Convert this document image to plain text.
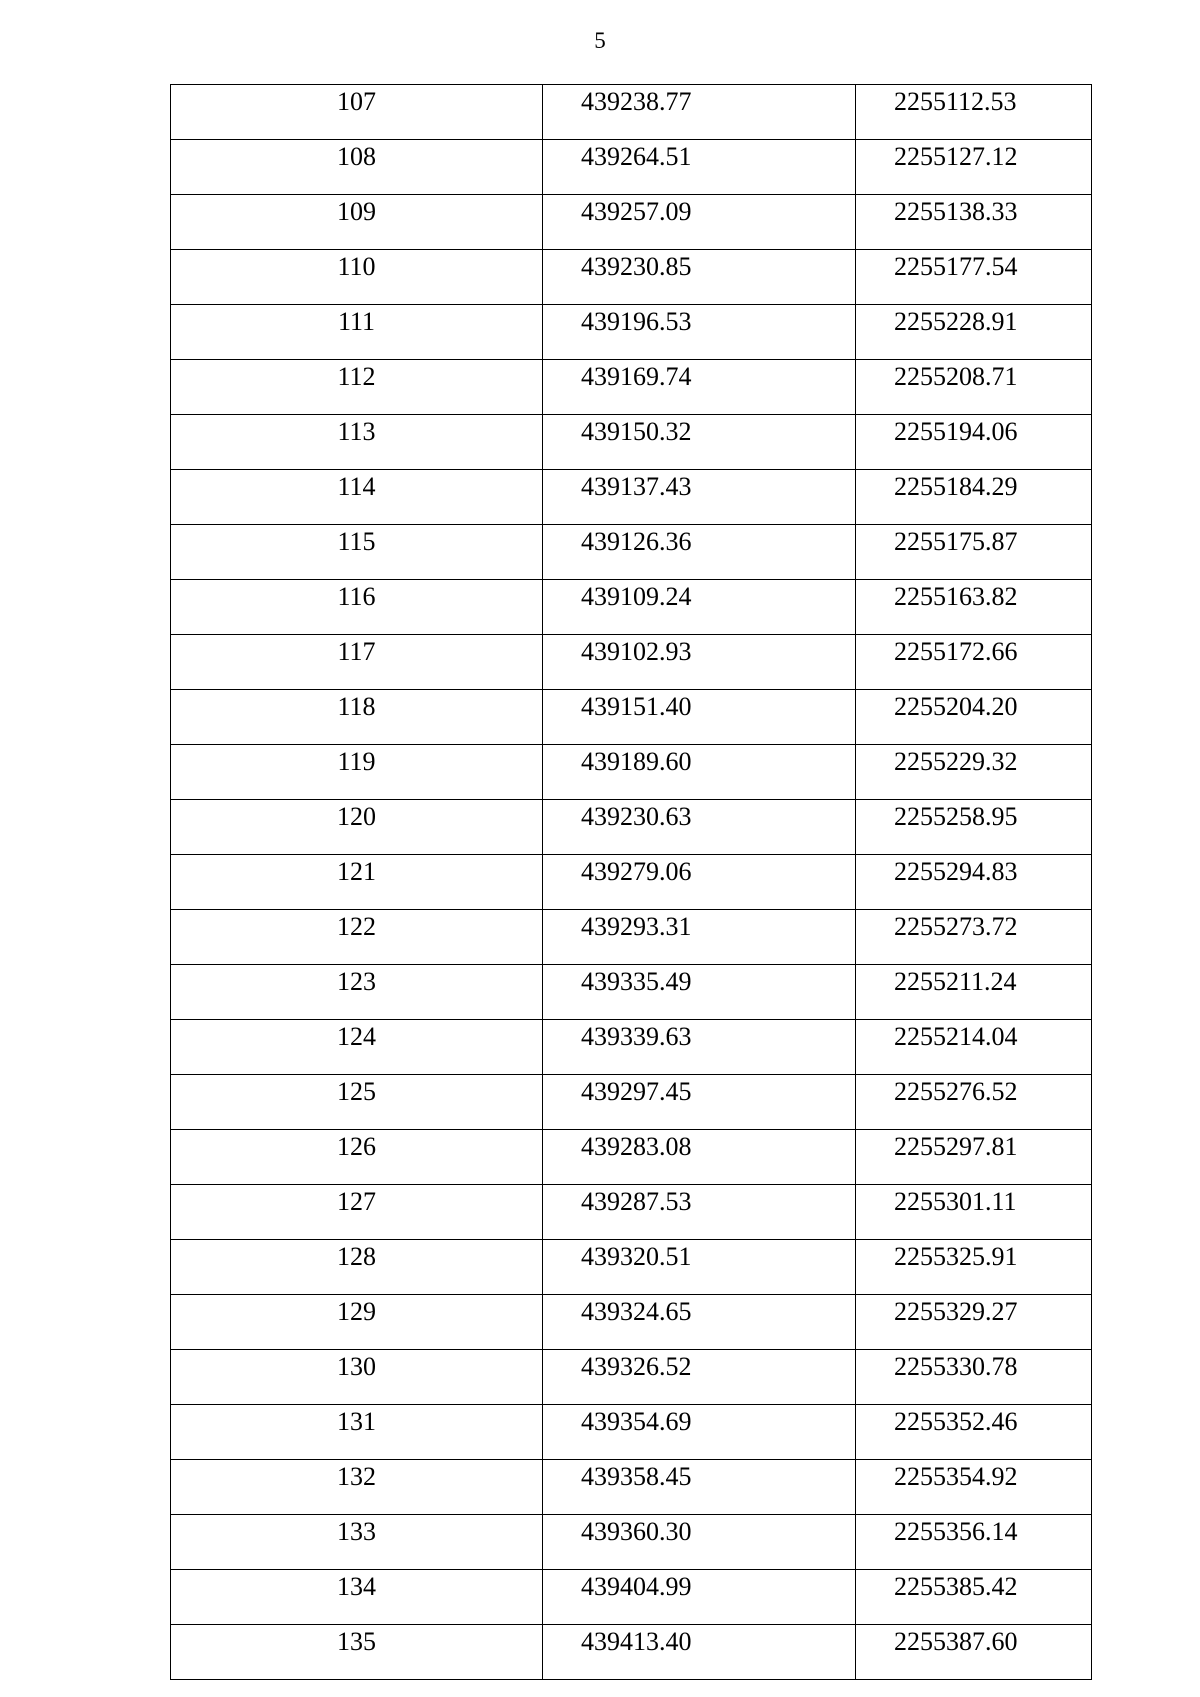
5
107	439238.77	2255112.53
108	439264.51	2255127.12
109	439257.09	2255138.33
110	439230.85	2255177.54
111	439196.53	2255228.91
112	439169.74	2255208.71
113	439150.32	2255194.06
114	439137.43	2255184.29
115	439126.36	2255175.87
116	439109.24	2255163.82
117	439102.93	2255172.66
118	439151.40	2255204.20
119	439189.60	2255229.32
120	439230.63	2255258.95
121	439279.06	2255294.83
122	439293.31	2255273.72
123	439335.49	2255211.24
124	439339.63	2255214.04
125	439297.45	2255276.52
126	439283.08	2255297.81
127	439287.53	2255301.11
128	439320.51	2255325.91
129	439324.65	2255329.27
130	439326.52	2255330.78
131	439354.69	2255352.46
132	439358.45	2255354.92
133	439360.30	2255356.14
134	439404.99	2255385.42
135	439413.40	2255387.60
